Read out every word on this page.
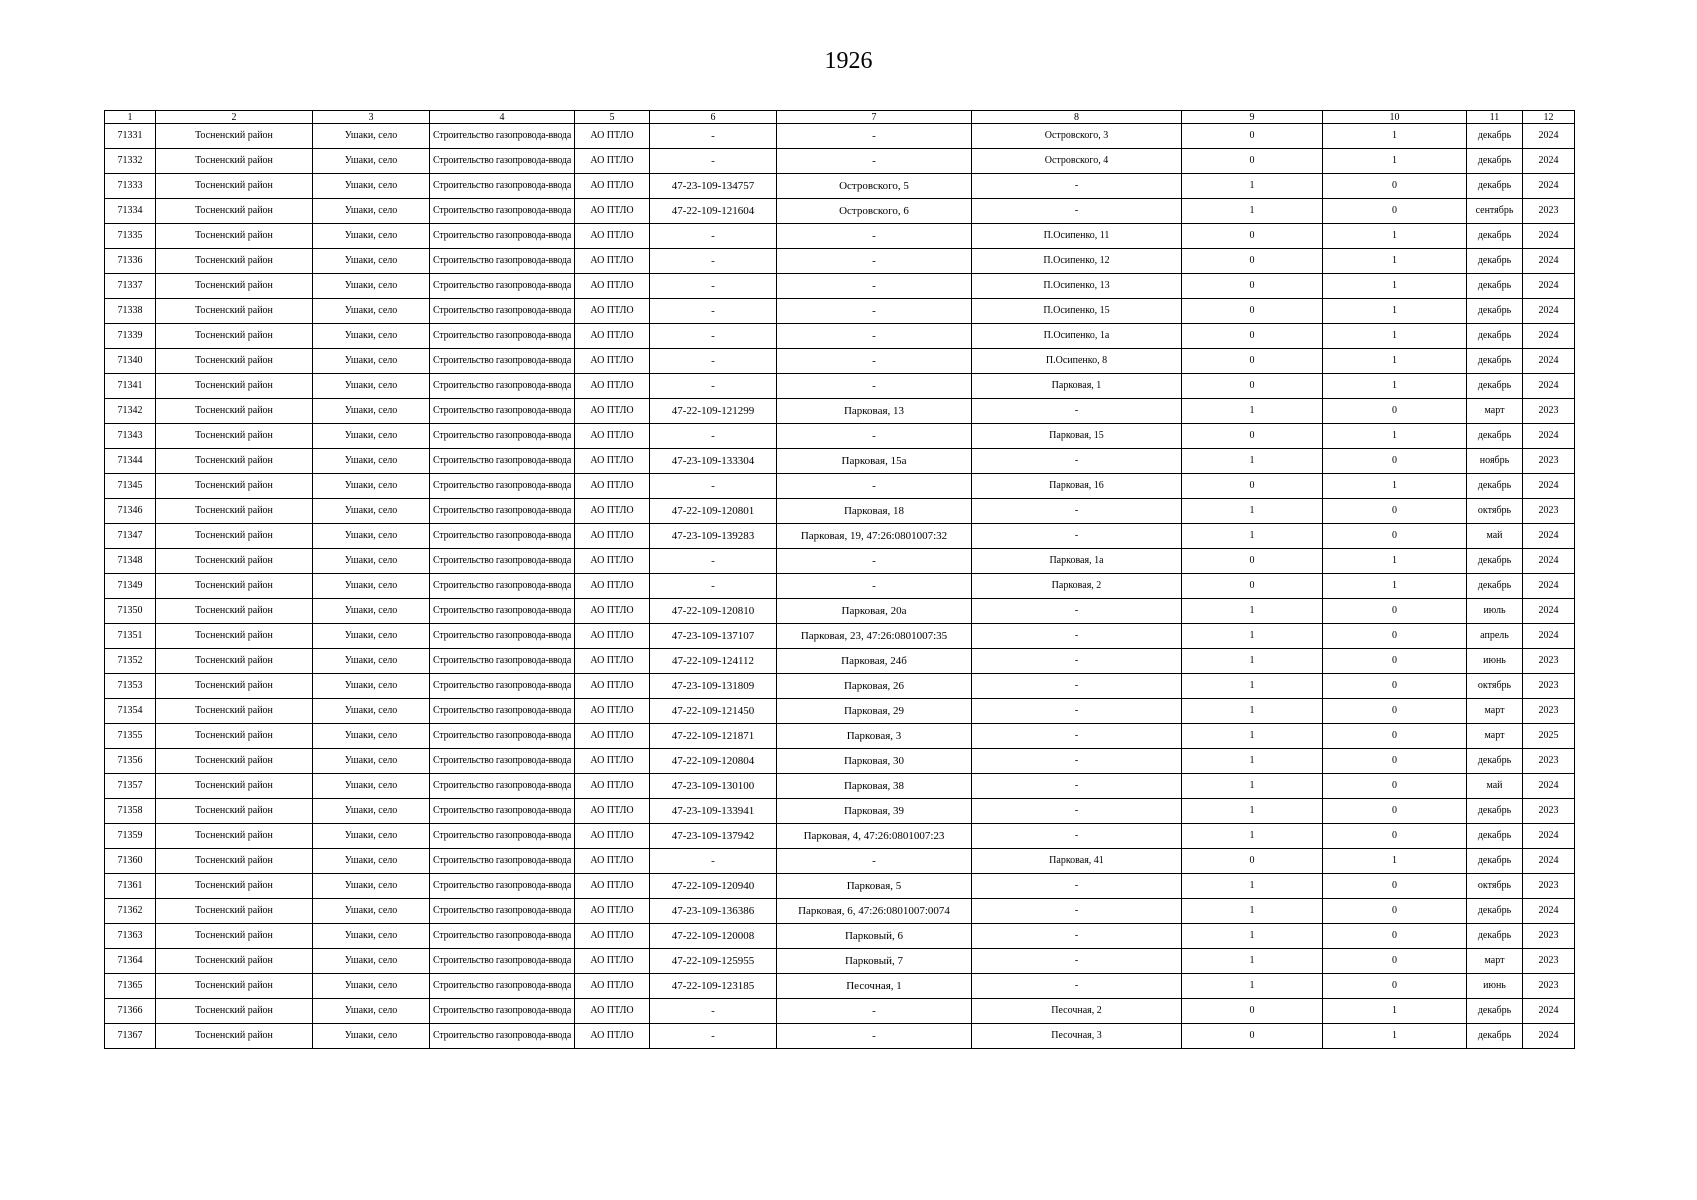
1926
1	2	3	4	5	6	7	8	9	10	11	12
71331	Тосненский район	Ушаки, село	Строительство газопровода-ввода	АО ПТЛО	-	-	Островского, 3	0	1	декабрь	2024
71332	Тосненский район	Ушаки, село	Строительство газопровода-ввода	АО ПТЛО	-	-	Островского, 4	0	1	декабрь	2024
71333	Тосненский район	Ушаки, село	Строительство газопровода-ввода	АО ПТЛО	47-23-109-134757	Островского, 5	-	1	0	декабрь	2024
71334	Тосненский район	Ушаки, село	Строительство газопровода-ввода	АО ПТЛО	47-22-109-121604	Островского, 6	-	1	0	сентябрь	2023
71335	Тосненский район	Ушаки, село	Строительство газопровода-ввода	АО ПТЛО	-	-	П.Осипенко, 11	0	1	декабрь	2024
71336	Тосненский район	Ушаки, село	Строительство газопровода-ввода	АО ПТЛО	-	-	П.Осипенко, 12	0	1	декабрь	2024
71337	Тосненский район	Ушаки, село	Строительство газопровода-ввода	АО ПТЛО	-	-	П.Осипенко, 13	0	1	декабрь	2024
71338	Тосненский район	Ушаки, село	Строительство газопровода-ввода	АО ПТЛО	-	-	П.Осипенко, 15	0	1	декабрь	2024
71339	Тосненский район	Ушаки, село	Строительство газопровода-ввода	АО ПТЛО	-	-	П.Осипенко, 1а	0	1	декабрь	2024
71340	Тосненский район	Ушаки, село	Строительство газопровода-ввода	АО ПТЛО	-	-	П.Осипенко, 8	0	1	декабрь	2024
71341	Тосненский район	Ушаки, село	Строительство газопровода-ввода	АО ПТЛО	-	-	Парковая, 1	0	1	декабрь	2024
71342	Тосненский район	Ушаки, село	Строительство газопровода-ввода	АО ПТЛО	47-22-109-121299	Парковая, 13	-	1	0	март	2023
71343	Тосненский район	Ушаки, село	Строительство газопровода-ввода	АО ПТЛО	-	-	Парковая, 15	0	1	декабрь	2024
71344	Тосненский район	Ушаки, село	Строительство газопровода-ввода	АО ПТЛО	47-23-109-133304	Парковая, 15а	-	1	0	ноябрь	2023
71345	Тосненский район	Ушаки, село	Строительство газопровода-ввода	АО ПТЛО	-	-	Парковая, 16	0	1	декабрь	2024
71346	Тосненский район	Ушаки, село	Строительство газопровода-ввода	АО ПТЛО	47-22-109-120801	Парковая, 18	-	1	0	октябрь	2023
71347	Тосненский район	Ушаки, село	Строительство газопровода-ввода	АО ПТЛО	47-23-109-139283	Парковая, 19, 47:26:0801007:32	-	1	0	май	2024
71348	Тосненский район	Ушаки, село	Строительство газопровода-ввода	АО ПТЛО	-	-	Парковая, 1а	0	1	декабрь	2024
71349	Тосненский район	Ушаки, село	Строительство газопровода-ввода	АО ПТЛО	-	-	Парковая, 2	0	1	декабрь	2024
71350	Тосненский район	Ушаки, село	Строительство газопровода-ввода	АО ПТЛО	47-22-109-120810	Парковая, 20а	-	1	0	июль	2024
71351	Тосненский район	Ушаки, село	Строительство газопровода-ввода	АО ПТЛО	47-23-109-137107	Парковая, 23, 47:26:0801007:35	-	1	0	апрель	2024
71352	Тосненский район	Ушаки, село	Строительство газопровода-ввода	АО ПТЛО	47-22-109-124112	Парковая, 24б	-	1	0	июнь	2023
71353	Тосненский район	Ушаки, село	Строительство газопровода-ввода	АО ПТЛО	47-23-109-131809	Парковая, 26	-	1	0	октябрь	2023
71354	Тосненский район	Ушаки, село	Строительство газопровода-ввода	АО ПТЛО	47-22-109-121450	Парковая, 29	-	1	0	март	2023
71355	Тосненский район	Ушаки, село	Строительство газопровода-ввода	АО ПТЛО	47-22-109-121871	Парковая, 3	-	1	0	март	2025
71356	Тосненский район	Ушаки, село	Строительство газопровода-ввода	АО ПТЛО	47-22-109-120804	Парковая, 30	-	1	0	декабрь	2023
71357	Тосненский район	Ушаки, село	Строительство газопровода-ввода	АО ПТЛО	47-23-109-130100	Парковая, 38	-	1	0	май	2024
71358	Тосненский район	Ушаки, село	Строительство газопровода-ввода	АО ПТЛО	47-23-109-133941	Парковая, 39	-	1	0	декабрь	2023
71359	Тосненский район	Ушаки, село	Строительство газопровода-ввода	АО ПТЛО	47-23-109-137942	Парковая, 4, 47:26:0801007:23	-	1	0	декабрь	2024
71360	Тосненский район	Ушаки, село	Строительство газопровода-ввода	АО ПТЛО	-	-	Парковая, 41	0	1	декабрь	2024
71361	Тосненский район	Ушаки, село	Строительство газопровода-ввода	АО ПТЛО	47-22-109-120940	Парковая, 5	-	1	0	октябрь	2023
71362	Тосненский район	Ушаки, село	Строительство газопровода-ввода	АО ПТЛО	47-23-109-136386	Парковая, 6, 47:26:0801007:0074	-	1	0	декабрь	2024
71363	Тосненский район	Ушаки, село	Строительство газопровода-ввода	АО ПТЛО	47-22-109-120008	Парковый, 6	-	1	0	декабрь	2023
71364	Тосненский район	Ушаки, село	Строительство газопровода-ввода	АО ПТЛО	47-22-109-125955	Парковый, 7	-	1	0	март	2023
71365	Тосненский район	Ушаки, село	Строительство газопровода-ввода	АО ПТЛО	47-22-109-123185	Песочная, 1	-	1	0	июнь	2023
71366	Тосненский район	Ушаки, село	Строительство газопровода-ввода	АО ПТЛО	-	-	Песочная, 2	0	1	декабрь	2024
71367	Тосненский район	Ушаки, село	Строительство газопровода-ввода	АО ПТЛО	-	-	Песочная, 3	0	1	декабрь	2024
